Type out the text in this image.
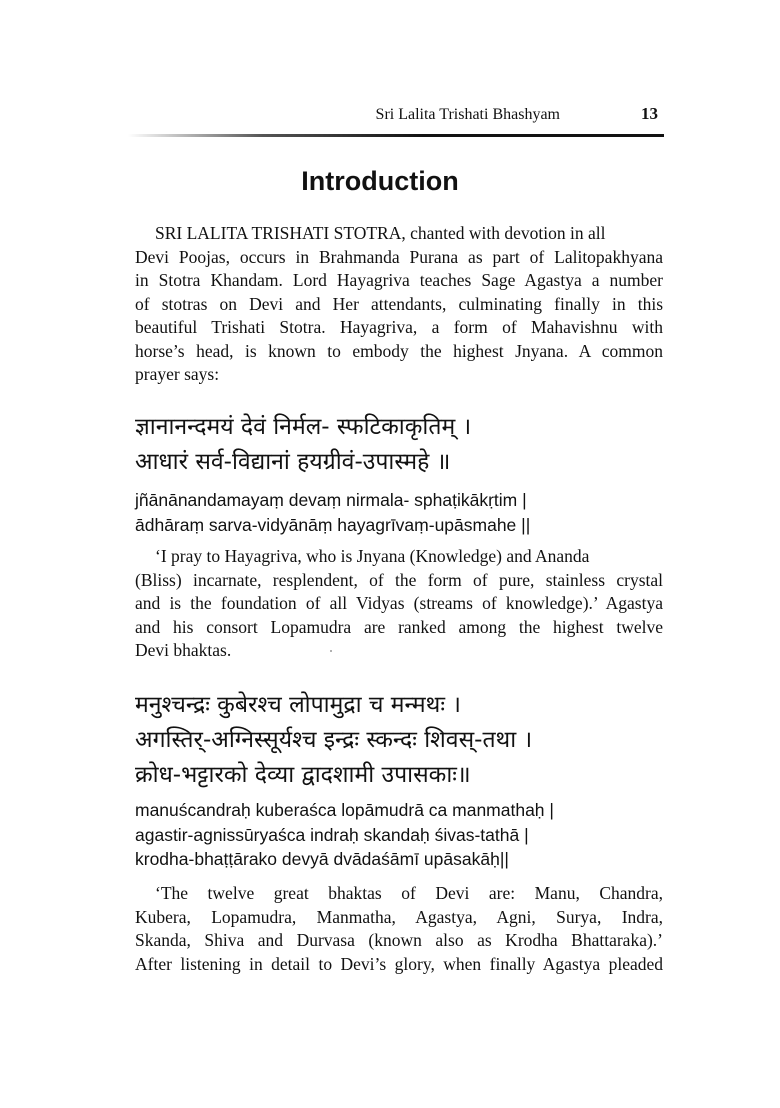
Sri Lalita Trishati Bhashyam	13
Introduction

SRI LALITA TRISHATI STOTRA, chanted with devotion in all
Devi Poojas, occurs in Brahmanda Purana as part of Lalitopakhyana
in Stotra Khandam. Lord Hayagriva teaches Sage Agastya a number
of stotras on Devi and Her attendants, culminating finally in this
beautiful Trishati Stotra. Hayagriva, a form of Mahavishnu with
horse’s head, is known to embody the highest Jnyana. A common
prayer says:

ज्ञानानन्दमयं देवं निर्मल- स्फटिकाकृतिम् ।
आधारं सर्व-विद्यानां हयग्रीवं-उपास्महे ॥
jñānānandamayaṃ devaṃ nirmala- sphaṭikākṛtim |
ādhāraṃ sarva-vidyānāṃ hayagrīvaṃ-upāsmahe ||

‘I pray to Hayagriva, who is Jnyana (Knowledge) and Ananda
(Bliss) incarnate, resplendent, of the form of pure, stainless crystal
and is the foundation of all Vidyas (streams of knowledge).’ Agastya
and his consort Lopamudra are ranked among the highest twelve
Devi bhaktas.

मनुश्चन्द्रः कुबेरश्च लोपामुद्रा च मन्मथः ।
अगस्तिर्-अग्निस्सूर्यश्च इन्द्रः स्कन्दः शिवस्-तथा ।
क्रोध-भट्टारको देव्या द्वादशामी उपासकाः॥
manuścandraḥ kuberaśca lopāmudrā ca manmathaḥ |
agastir-agnissūryaśca indraḥ skandaḥ śivas-tathā |
krodha-bhaṭṭārako devyā dvādaśāmī upāsakāḥ||

‘The twelve great bhaktas of Devi are: Manu, Chandra,
Kubera, Lopamudra, Manmatha, Agastya, Agni, Surya, Indra,
Skanda, Shiva and Durvasa (known also as Krodha Bhattaraka).’
After listening in detail to Devi’s glory, when finally Agastya pleaded
